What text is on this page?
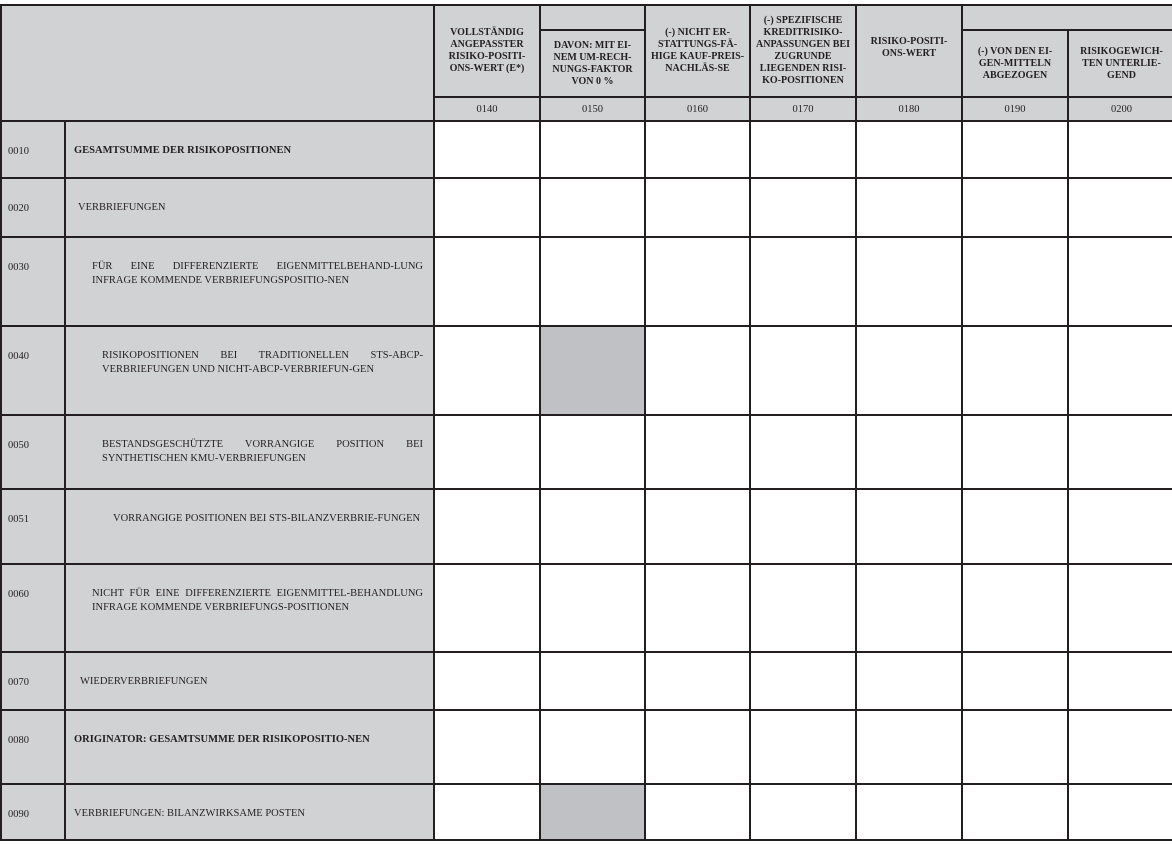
		VOLLSTÄNDIG ANGEPASSTER RISIKO-POSITI-ONS-WERT (E*)		(-) NICHT ER-STATTUNGS-FÄ-HIGE KAUF-PREIS-NACHLÄS-SE	(-) SPEZIFISCHE KREDITRISIKO-ANPASSUNGEN BEI ZUGRUNDE LIEGENDEN RISI-KO-POSITIONEN	RISIKO-POSITI-ONS-WERT		
			DAVON: MIT EI-NEM UM-RECH-NUNGS-FAKTOR VON 0 %				(-) VON DEN EI-GEN-MITTELN ABGEZOGEN	RISIKOGEWICH-TEN UNTERLIE-GEND
		0140	0150	0160	0170	0180	0190	0200
0010	GESAMTSUMME DER RISIKOPOSITIONEN							
0020	VERBRIEFUNGEN							
0030	FÜR EINE DIFFERENZIERTE EIGENMITTELBEHAND-LUNG INFRAGE KOMMENDE VERBRIEFUNGSPOSITIO-NEN							
0040	RISIKOPOSITIONEN BEI TRADITIONELLEN STS-ABCP-VERBRIEFUNGEN UND NICHT-ABCP-VERBRIEFUN-GEN							
0050	BESTANDSGESCHÜTZTE VORRANGIGE POSITION BEI SYNTHETISCHEN KMU-VERBRIEFUNGEN							
0051	VORRANGIGE POSITIONEN BEI STS-BILANZVERBRIE-FUNGEN							
0060	NICHT FÜR EINE DIFFERENZIERTE EIGENMITTEL-BEHANDLUNG INFRAGE KOMMENDE VERBRIEFUNGS-POSITIONEN							
0070	WIEDERVERBRIEFUNGEN							
0080	ORIGINATOR: GESAMTSUMME DER RISIKOPOSITIO-NEN							
0090	VERBRIEFUNGEN: BILANZWIRKSAME POSTEN							
